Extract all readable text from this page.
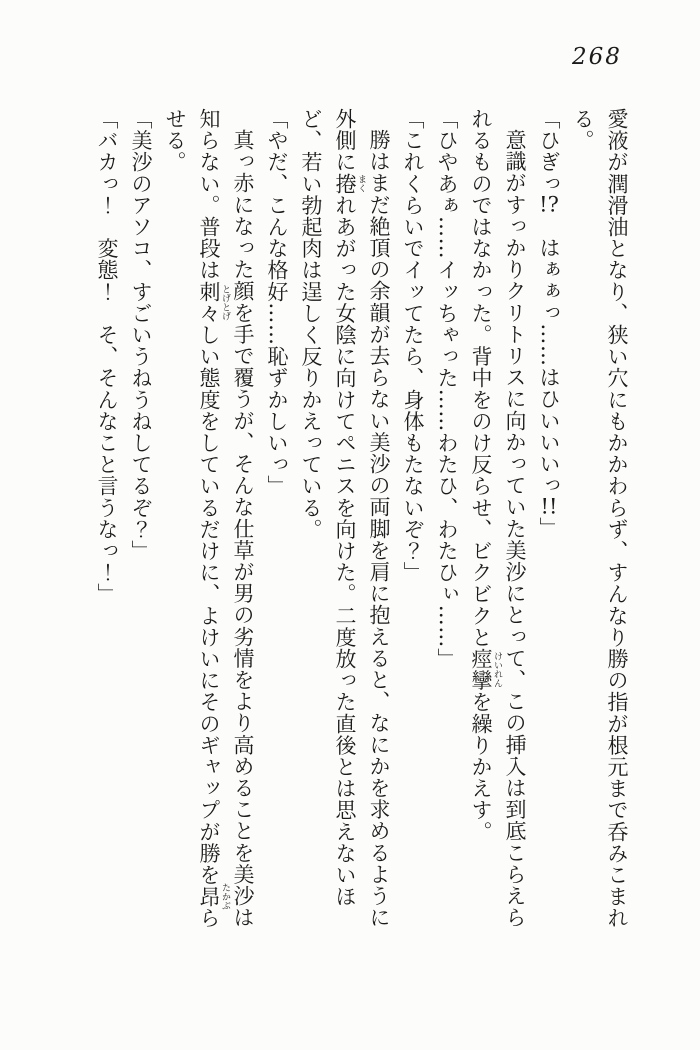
268

愛液が潤滑油となり、狭い穴にもかかわらず、すんなり勝の指が根元まで呑みこまれる。

「ひぎっ!?　はぁぁっ……はひいいいっ!!」

意識がすっかりクリトリスに向かっていた美沙にとって、この挿入は到底こらえられるものではなかった。背中をのけ反らせ、ビクビクと痙攣 けいれんを繰りかえす。

「ひやあぁ……イッちゃった……わたひ、わたひぃ……」

「これくらいでイッてたら、身体もたないぞ？」

勝はまだ絶頂の余韻が去らない美沙の両脚を肩に抱えると、なにかを求めるように外側に捲 まくれあがった女陰に向けてペニスを向けた。二度放った直後とは思えないほど、若い勃起肉は逞しく反りかえっている。

「やだ、こんな格好……恥ずかしいっ」

真っ赤になった顔を手で覆うが、そんな仕草が男の劣情をより高めることを美沙は知らない。普段は刺々 とげとげしい態度をしているだけに、よけいにそのギャップが勝を昂 たかぶらせる。

「美沙のアソコ、すごいうねうねしてるぞ？」

「バカっ！　変態！　そ、そんなこと言うなっ！」
